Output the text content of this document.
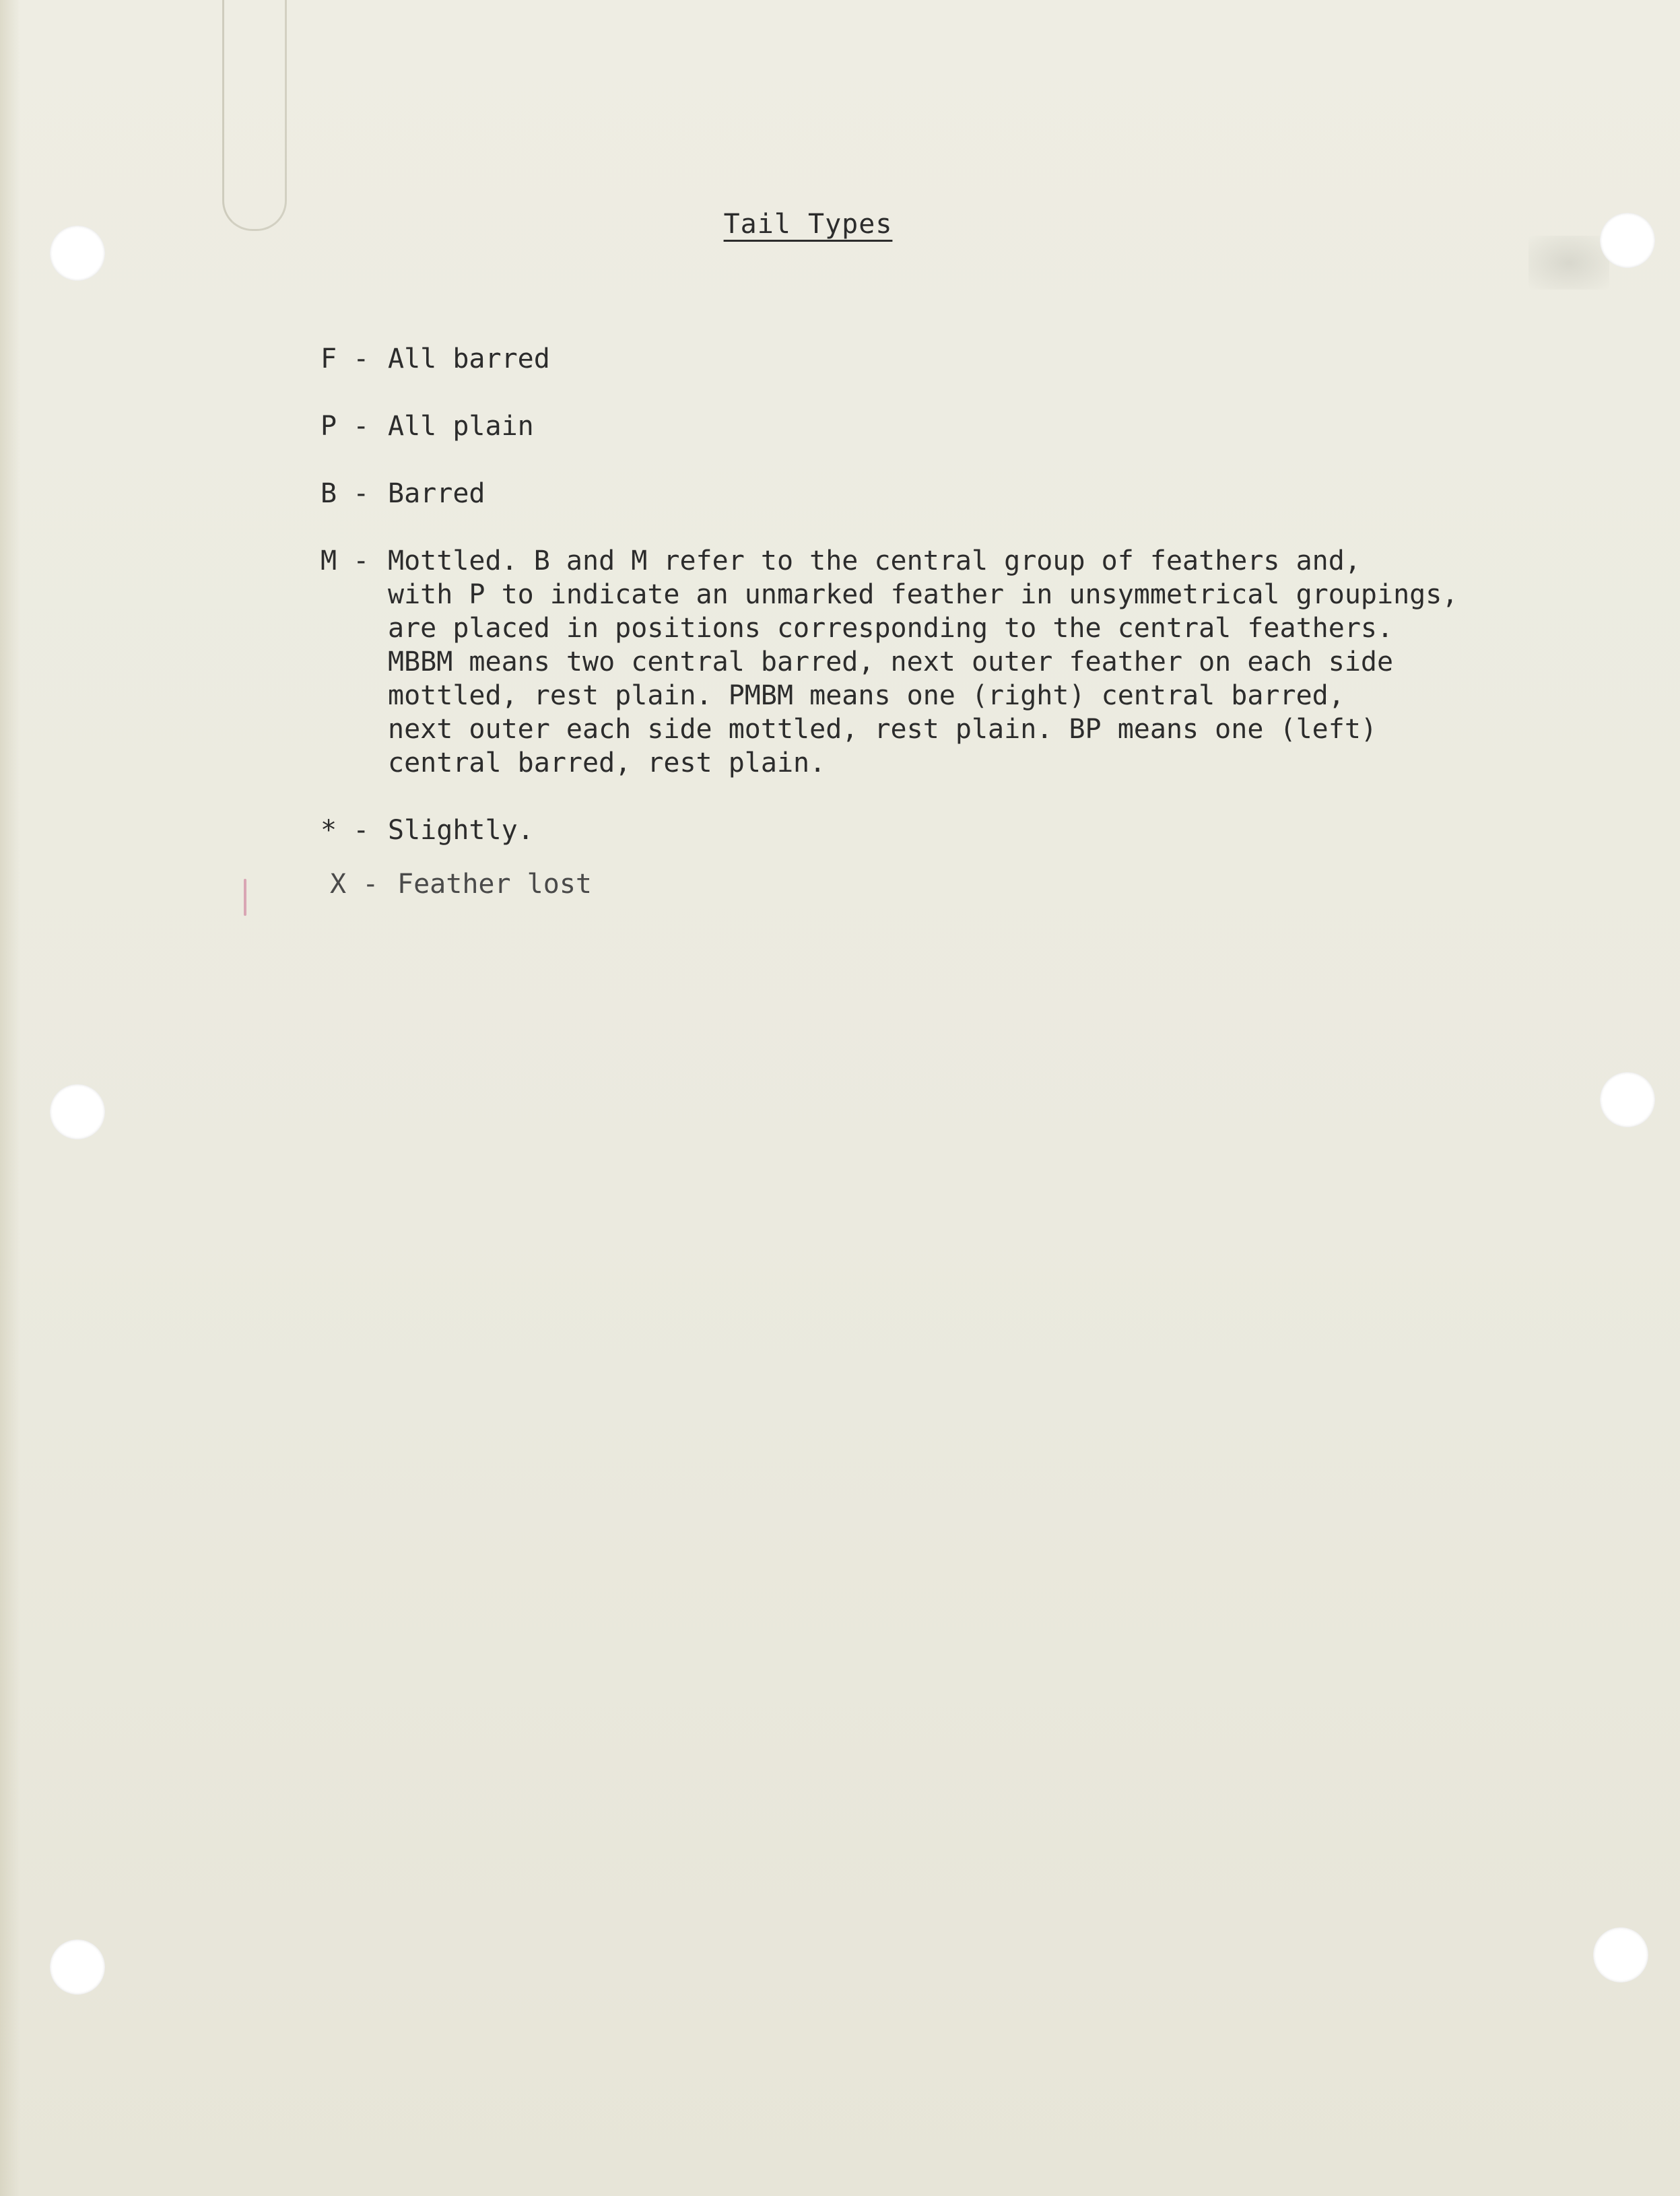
Tail Types
F - All barred
P - All plain
B - Barred
M - Mottled. B and M refer to the central group of feathers and,
with P to indicate an unmarked feather in unsymmetrical groupings,
are placed in positions corresponding to the central feathers.
MBBM means two central barred, next outer feather on each side
mottled, rest plain. PMBM means one (right) central barred,
next outer each side mottled, rest plain. BP means one (left)
central barred, rest plain.
* - Slightly.
X - Feather lost
